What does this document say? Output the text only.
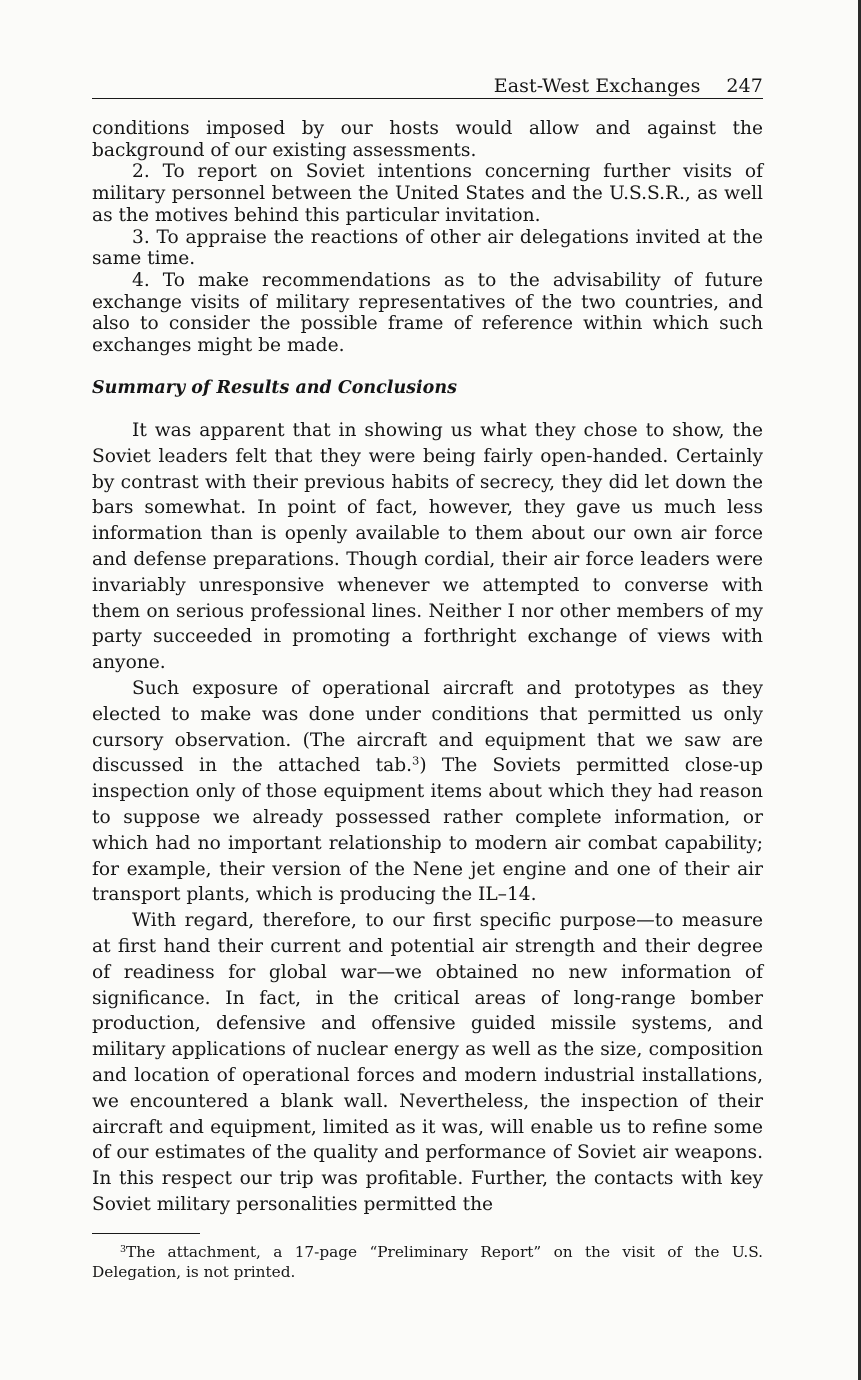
East-West Exchanges 247

conditions imposed by our hosts would allow and against the background of our existing assessments.

2. To report on Soviet intentions concerning further visits of military personnel between the United States and the U.S.S.R., as well as the motives behind this particular invitation.

3. To appraise the reactions of other air delegations invited at the same time.

4. To make recommendations as to the advisability of future exchange visits of military representatives of the two countries, and also to consider the possible frame of reference within which such exchanges might be made.

Summary of Results and Conclusions

It was apparent that in showing us what they chose to show, the Soviet leaders felt that they were being fairly open-handed. Certainly by contrast with their previous habits of secrecy, they did let down the bars somewhat. In point of fact, however, they gave us much less information than is openly available to them about our own air force and defense preparations. Though cordial, their air force leaders were invariably unresponsive whenever we attempted to converse with them on serious professional lines. Neither I nor other members of my party succeeded in promoting a forthright exchange of views with anyone.

Such exposure of operational aircraft and prototypes as they elected to make was done under conditions that permitted us only cursory observation. (The aircraft and equipment that we saw are discussed in the attached tab.$^3$) The Soviets permitted close-up inspection only of those equipment items about which they had reason to suppose we already possessed rather complete information, or which had no important relationship to modern air combat capability; for example, their version of the Nene jet engine and one of their air transport plants, which is producing the IL–14.

With regard, therefore, to our first specific purpose—to measure at first hand their current and potential air strength and their degree of readiness for global war—we obtained no new information of significance. In fact, in the critical areas of long-range bomber production, defensive and offensive guided missile systems, and military applications of nuclear energy as well as the size, composition and location of operational forces and modern industrial installations, we encountered a blank wall. Nevertheless, the inspection of their aircraft and equipment, limited as it was, will enable us to refine some of our estimates of the quality and performance of Soviet air weapons. In this respect our trip was profitable. Further, the contacts with key Soviet military personalities permitted the

$^3$The attachment, a 17-page “Preliminary Report” on the visit of the U.S. Delegation, is not printed.
